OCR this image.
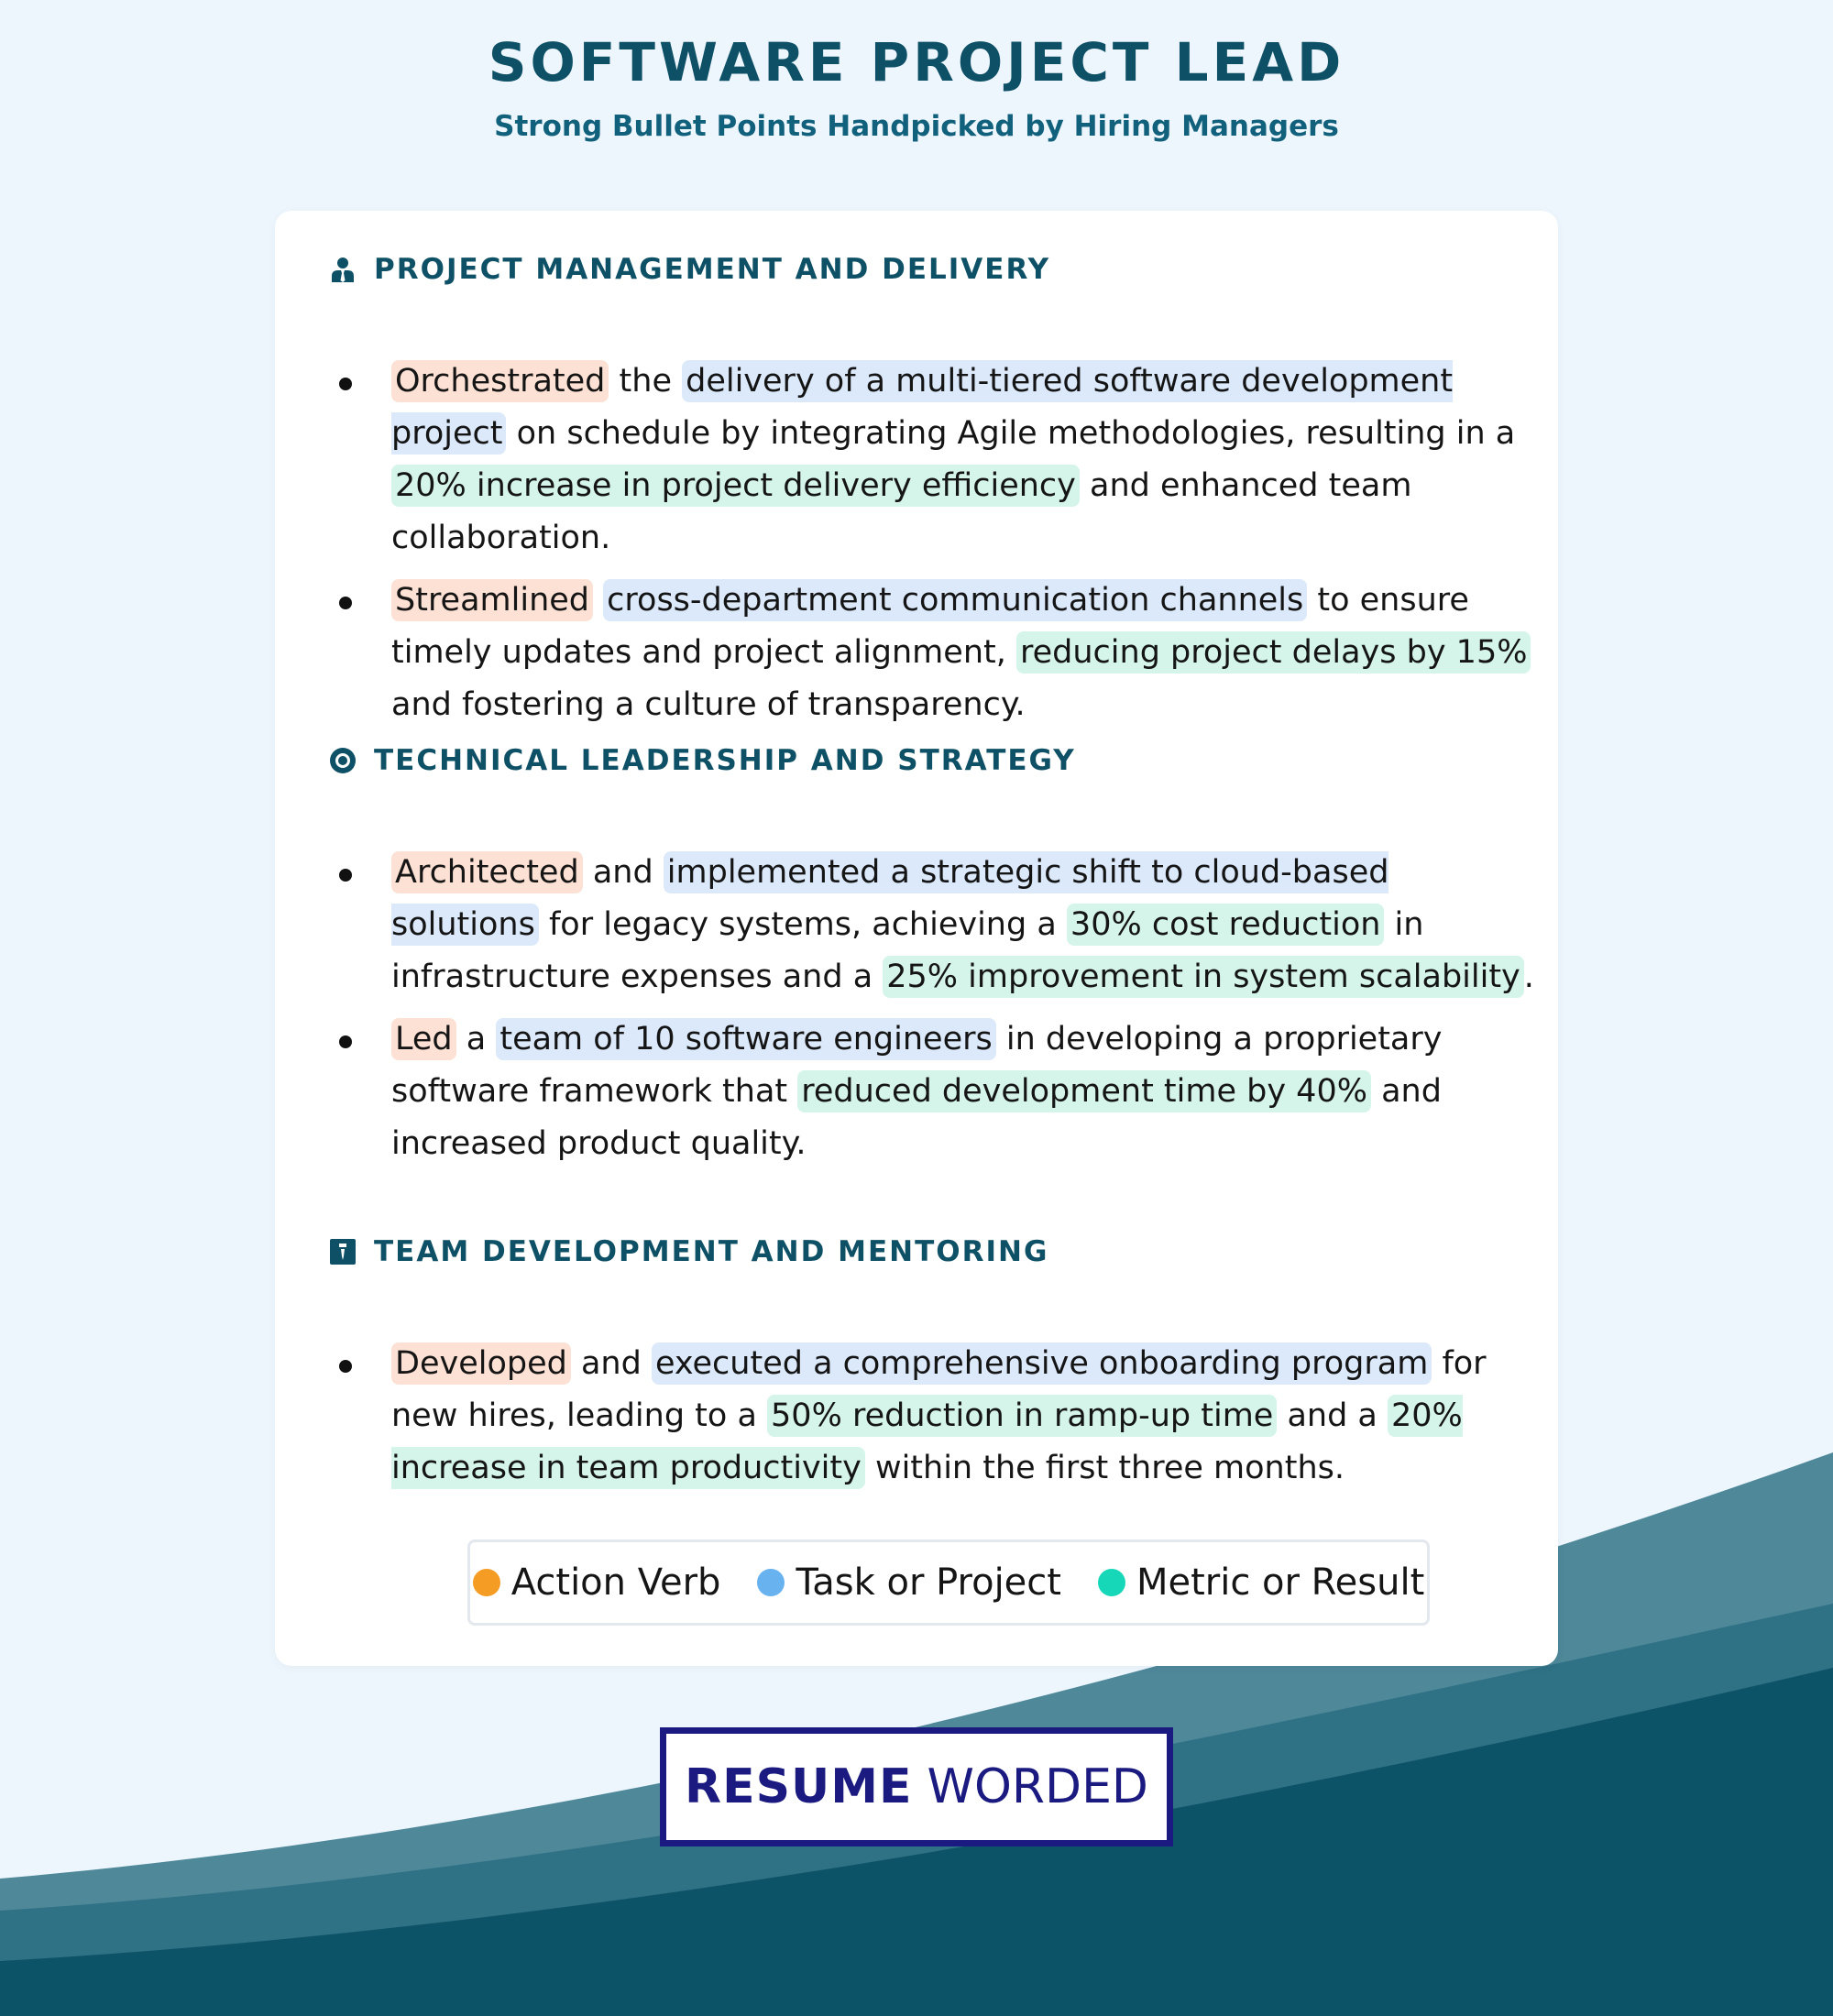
SOFTWARE PROJECT LEAD
Strong Bullet Points Handpicked by Hiring Managers
PROJECT MANAGEMENT AND DELIVERY
Orchestrated the delivery of a multi-tiered software development project on schedule by integrating Agile methodologies, resulting in a 20% increase in project delivery efficiency and enhanced team collaboration.
Streamlined cross-department communication channels to ensure timely updates and project alignment, reducing project delays by 15% and fostering a culture of transparency.
TECHNICAL LEADERSHIP AND STRATEGY
Architected and implemented a strategic shift to cloud-based solutions for legacy systems, achieving a 30% cost reduction in infrastructure expenses and a 25% improvement in system scalability .
Led a team of 10 software engineers in developing a proprietary software framework that reduced development time by 40% and increased product quality.
TEAM DEVELOPMENT AND MENTORING
Developed and executed a comprehensive onboarding program for new hires, leading to a 50% reduction in ramp-up time and a 20% increase in team productivity within the first three months.
Action Verb Task or Project Metric or Result
RESUME WORDED
